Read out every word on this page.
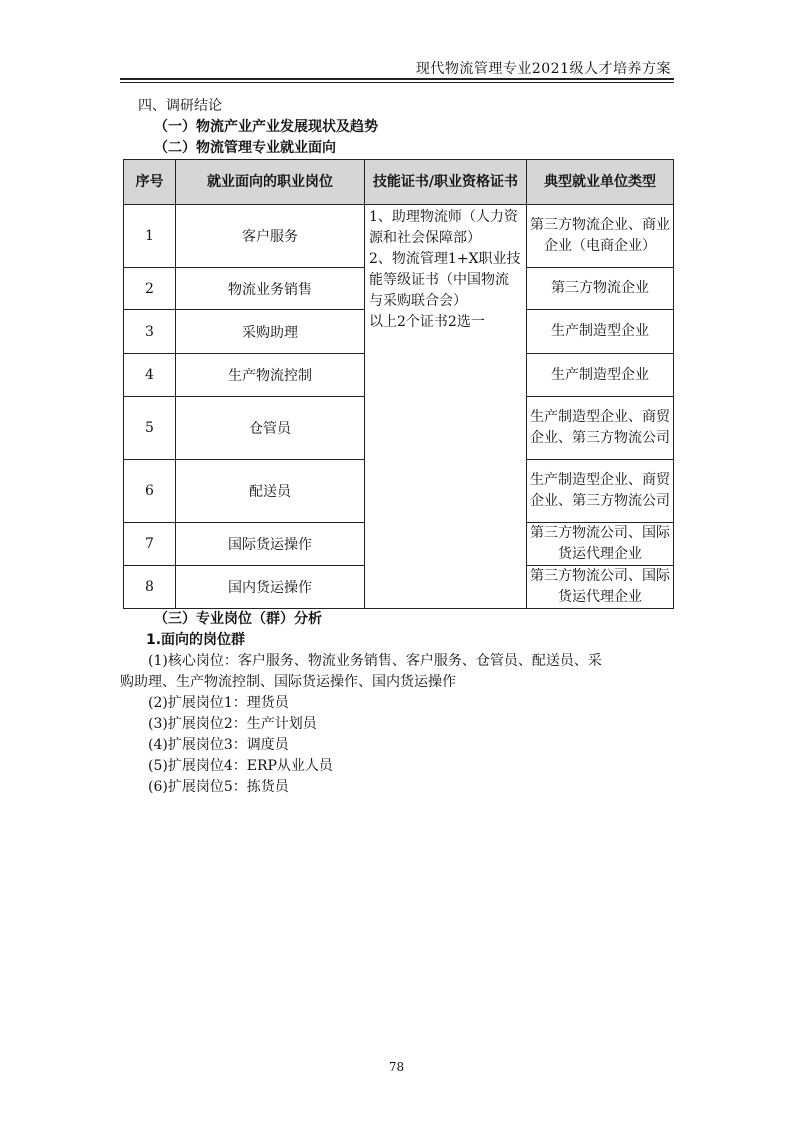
现代物流管理专业2021级人才培养方案
四、调研结论
（一）物流产业产业发展现状及趋势
（二）物流管理专业就业面向
序号	就业面向的职业岗位	技能证书/职业资格证书	典型就业单位类型
1	客户服务	1、助理物流师（人力资源和社会保障部）
2、物流管理1+X职业技能等级证书（中国物流与采购联合会）
以上2个证书2选一	第三方物流企业、商业企业（电商企业）
2	物流业务销售		第三方物流企业
3	采购助理		生产制造型企业
4	生产物流控制		生产制造型企业
5	仓管员		生产制造型企业、商贸企业、第三方物流公司
6	配送员		生产制造型企业、商贸企业、第三方物流公司
7	国际货运操作		第三方物流公司、国际货运代理企业
8	国内货运操作		第三方物流公司、国际货运代理企业
（三）专业岗位（群）分析
1.面向的岗位群
(1)核心岗位：客户服务、物流业务销售、客户服务、仓管员、配送员、采
购助理、生产物流控制、国际货运操作、国内货运操作
(2)扩展岗位1：理货员
(3)扩展岗位2：生产计划员
(4)扩展岗位3：调度员
(5)扩展岗位4：ERP从业人员
(6)扩展岗位5：拣货员
78
